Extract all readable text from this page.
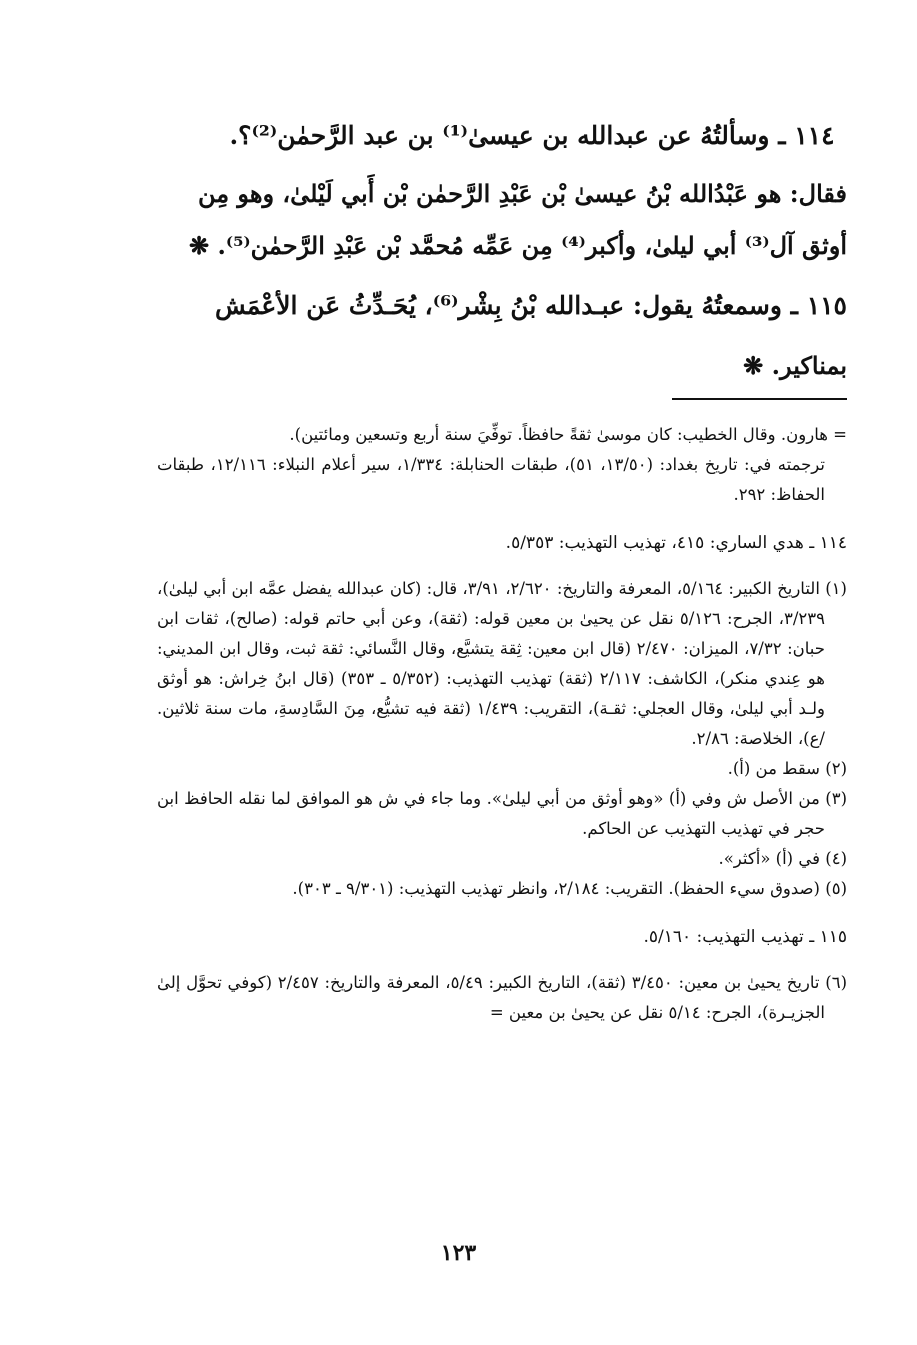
١١٤ ـ وسألتُهُ عن عبدالله بن عيسىٰ⁽¹⁾ بن عبد الرَّحمٰن⁽²⁾؟.

فقال: هو عَبْدُالله بْنُ عيسىٰ بْن عَبْدِ الرَّحمٰن بْن أَبي لَيْلىٰ، وهو مِن

أوثق آل⁽³⁾ أبي ليلىٰ، وأكبر⁽⁴⁾ مِن عَمِّه مُحمَّد بْن عَبْدِ الرَّحمٰن⁽⁵⁾. ❋

١١٥ ـ وسمعتُهُ يقول: عبـدالله بْنُ بِشْر⁽⁶⁾، يُحَـدِّثُ عَن الأعْمَش

بمناكير. ❋

= هارون. وقال الخطيب: كان موسىٰ ثقةً حافظاً. توفِّيَ سنة أربع وتسعين ومائتين).

ترجمته في: تاريخ بغداد: (١٣/٥٠، ٥١)، طبقات الحنابلة: ١/٣٣٤، سير أعلام النبلاء: ١٢/١١٦، طبقات الحفاظ: ٢٩٢.

١١٤ ـ هدي الساري: ٤١٥، تهذيب التهذيب: ٥/٣٥٣.

(١) التاريخ الكبير: ٥/١٦٤، المعرفة والتاريخ: ٢/٦٢٠، ٣/٩١، قال: (كان عبدالله يفضل عمَّه ابن أبي ليلىٰ)، ٣/٢٣٩، الجرح: ٥/١٢٦ نقل عن يحيىٰ بن معين قوله: (ثقة)، وعن أبي حاتم قوله: (صالح)، ثقات ابن حبان: ٧/٣٢، الميزان: ٢/٤٧٠ (قال ابن معين: ثِقة يتشيَّع، وقال النَّسائي: ثقة ثبت، وقال ابن المديني: هو عِندي منكر)، الكاشف: ٢/١١٧ (ثقة) تهذيب التهذيب: (٥/٣٥٢ ـ ٣٥٣) (قال ابنُ خِراش: هو أوثق ولـد أبي ليلىٰ، وقال العجلي: ثقـة)، التقريب: ١/٤٣٩ (ثقة فيه تشيُّع، مِنَ السَّادِسةِ، مات سنة ثلاثين. /ع)، الخلاصة: ٢/٨٦.

(٢) سقط من (أ).

(٣) من الأصل ش وفي (أ) «وهو أوثق من أبي ليلىٰ». وما جاء في ش هو الموافق لما نقله الحافظ ابن حجر في تهذيب التهذيب عن الحاكم.

(٤) في (أ) «أكثر».

(٥) (صدوق سيء الحفظ). التقريب: ٢/١٨٤، وانظر تهذيب التهذيب: (٩/٣٠١ ـ ٣٠٣).

١١٥ ـ تهذيب التهذيب: ٥/١٦٠.

(٦) تاريخ يحيىٰ بن معين: ٣/٤٥٠ (ثقة)، التاريخ الكبير: ٥/٤٩، المعرفة والتاريخ: ٢/٤٥٧ (كوفي تحوَّل إلىٰ الجزيـرة)، الجرح: ٥/١٤ نقل عن يحيىٰ بن معين =

١٢٣
